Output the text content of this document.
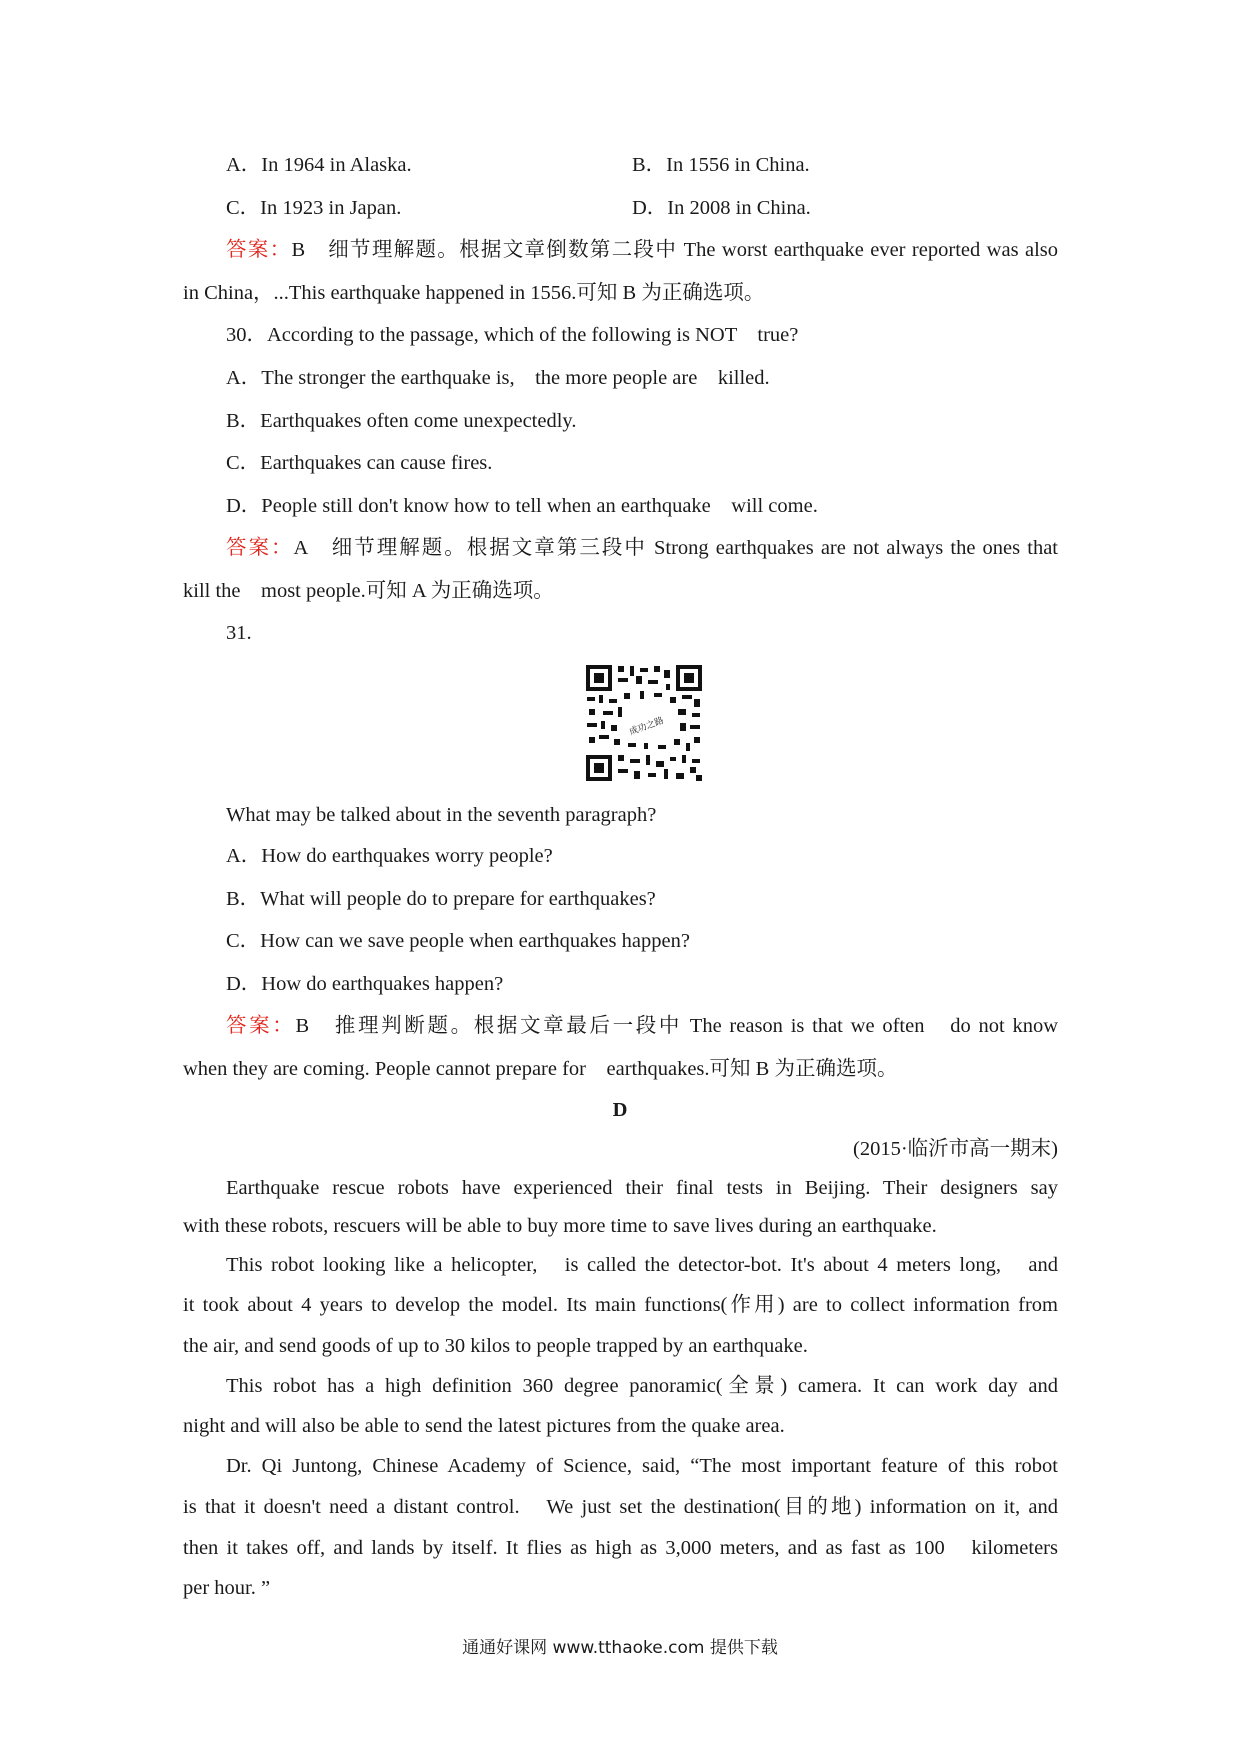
A．In 1964 in Alaska.	B．In 1556 in China.
C．In 1923 in Japan.	D．In 2008 in China.
答案：B　细节理解题。根据文章倒数第二段中 The worst earthquake ever reported was also
in China，...This earthquake happened in 1556.可知 B 为正确选项。
30．According to the passage, which of the following is NOT　true?
A．The stronger the earthquake is,　the more people are　killed.
B．Earthquakes often come unexpectedly.
C．Earthquakes can cause fires.
D．People still don't know how to tell when an earthquake　will come.
答案：A　细节理解题。根据文章第三段中 Strong earthquakes are not always the ones that
kill the　most people.可知 A 为正确选项。
31.
成功之路
What may be talked about in the seventh paragraph?
A．How do earthquakes worry people?
B．What will people do to prepare for earthquakes?
C．How can we save people when earthquakes happen?
D．How do earthquakes happen?
答案：B　推理判断题。根据文章最后一段中 The reason is that we often　do not know
when they are coming. People cannot prepare for　earthquakes.可知 B 为正确选项。
D
(2015·临沂市高一期末)
Earthquake rescue robots have experienced their final tests in Beijing. Their designers say
with these robots, rescuers will be able to buy more time to save lives during an earthquake.
This robot looking like a helicopter,　is called the detector-bot. It's about 4 meters long,　and
it took about 4 years to develop the model. Its main functions(作用) are to collect information from
the air, and send goods of up to 30 kilos to people trapped by an earthquake.
This robot has a high definition 360 degree panoramic(全景) camera. It can work day and
night and will also be able to send the latest pictures from the quake area.
Dr. Qi Juntong, Chinese Academy of Science, said, “The most important feature of this robot
is that it doesn't need a distant control.　We just set the destination(目的地) information on it, and
then it takes off, and lands by itself. It flies as high as 3,000 meters, and as fast as 100　kilometers
per hour. ”
通通好课网 www.tthaoke.com 提供下载
